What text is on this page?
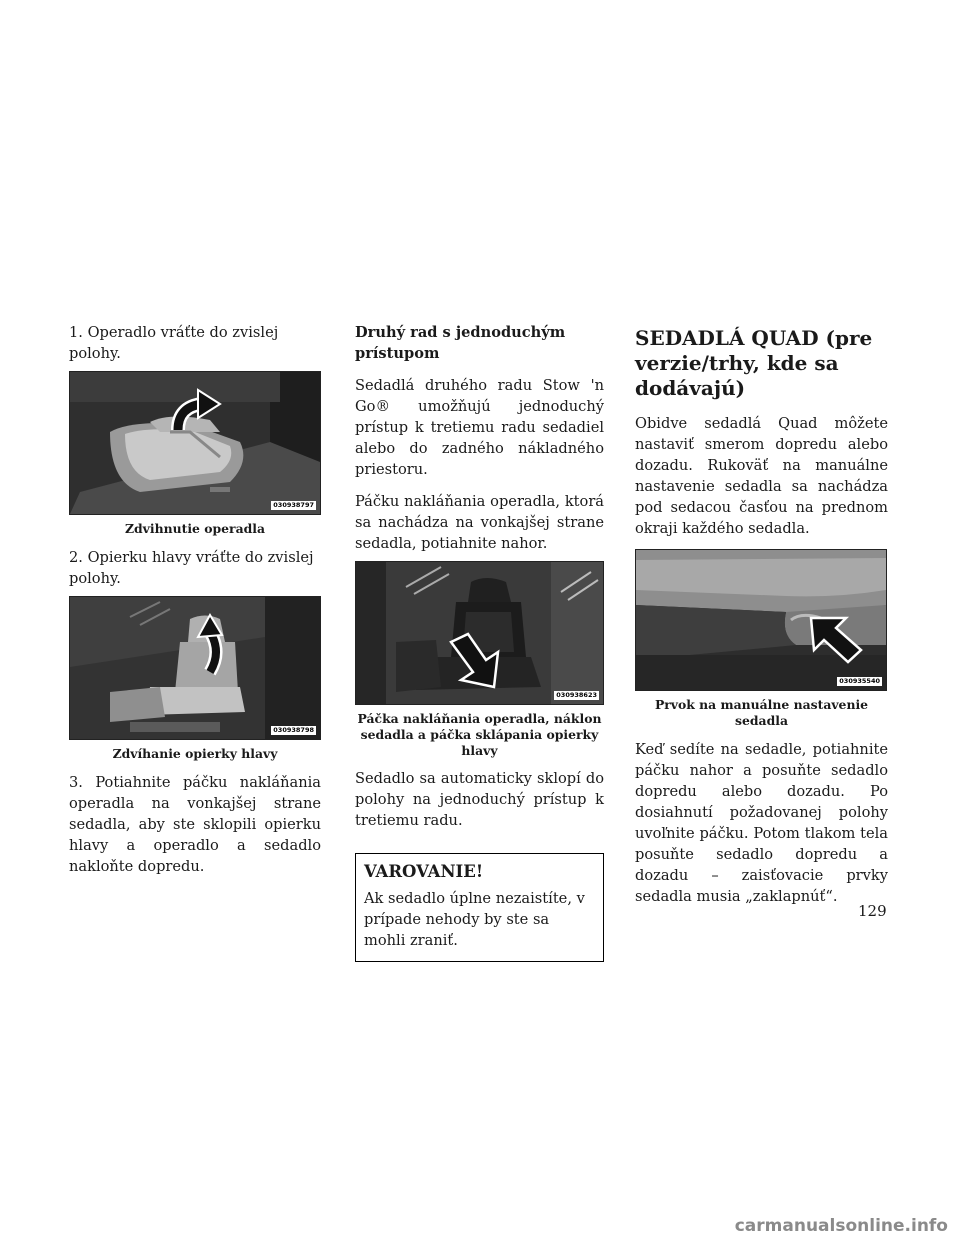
1. Operadlo vráťte do zvislej polohy.
030938797
Zdvihnutie operadla
2. Opierku hlavy vráťte do zvislej polohy.
030938798
Zdvíhanie opierky hlavy

3. Potiahnite páčku nakláňania operadla na vonkajšej strane sedadla, aby ste sklopili opierku hlavy a operadlo a sedadlo nakloňte dopredu.

Druhý rad s jednoduchým prístupom

Sedadlá druhého radu Stow 'n Go® umožňujú jednoduchý prístup k tretiemu radu sedadiel alebo do zadného nákladného priestoru.

Páčku nakláňania operadla, ktorá sa nachádza na vonkajšej strane sedadla, potiahnite nahor.

030938623
Páčka nakláňania operadla, náklon
sedadla a páčka sklápania opierky hlavy

Sedadlo sa automaticky sklopí do polohy na jednoduchý prístup k tretiemu radu.

VAROVANIE!

Ak sedadlo úplne nezaistíte, v prípade nehody by ste sa mohli zraniť.

SEDADLÁ QUAD (pre
verzie/trhy, kde sa dodávajú)

Obidve sedadlá Quad môžete nastaviť smerom dopredu alebo dozadu. Rukoväť na manuálne nastavenie sedadla sa nachádza pod sedacou časťou na prednom okraji každého sedadla.

030935540
Prvok na manuálne nastavenie sedadla

Keď sedíte na sedadle, potiahnite páčku nahor a posuňte sedadlo dopredu alebo dozadu. Po dosiahnutí požadovanej polohy uvoľnite páčku. Potom tlakom tela posuňte sedadlo dopredu a dozadu – zaisťovacie prvky sedadla musia „zaklapnúť“.

129
carmanualsonline.info
